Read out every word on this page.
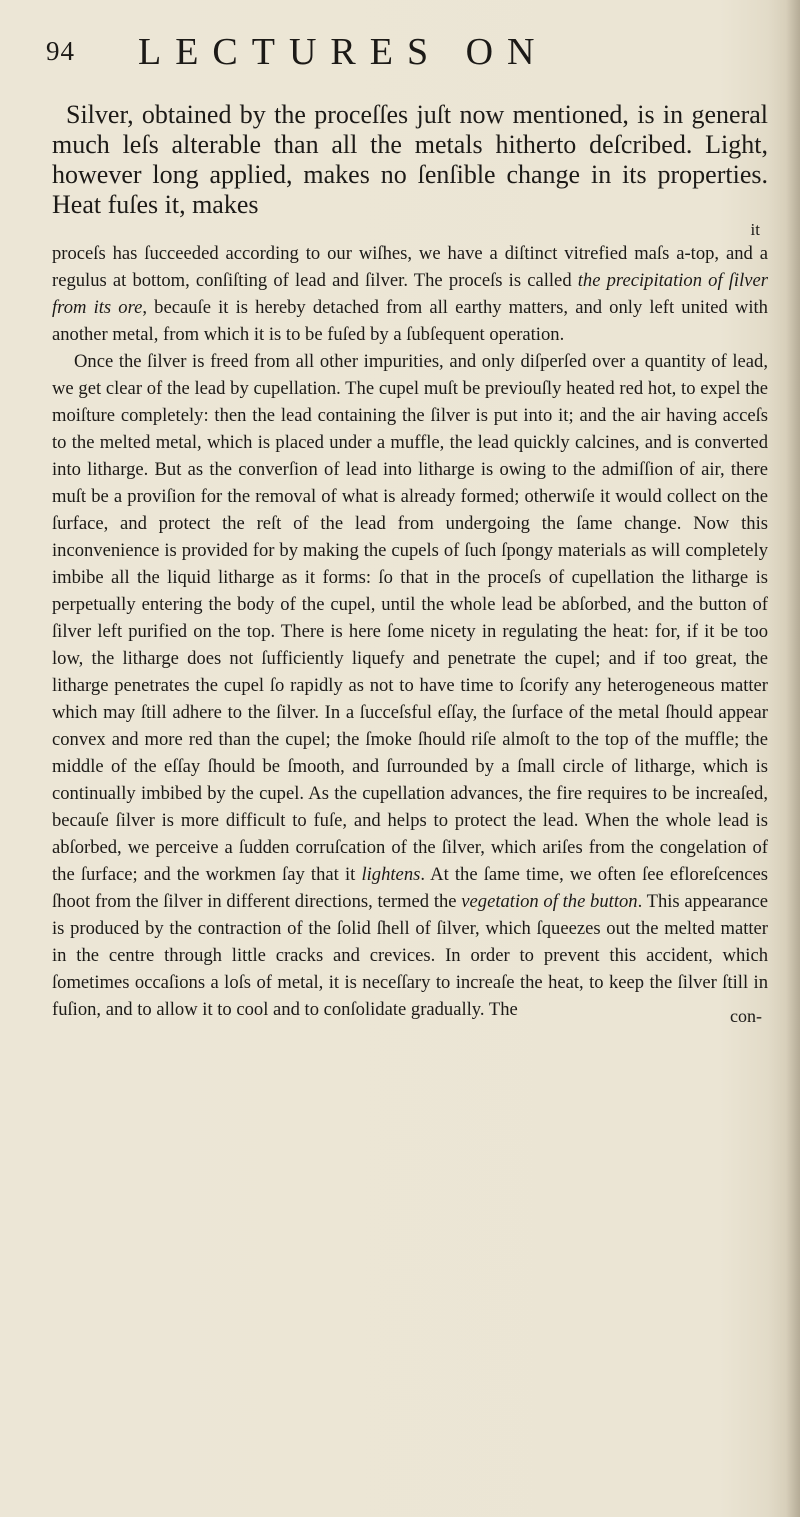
94 LECTURES ON

Silver, obtained by the proceſſes juſt now mentioned, is in general much leſs alterable than all the metals hitherto deſcribed. Light, however long applied, makes no ſenſible change in its properties. Heat fuſes it, makes

it

proceſs has ſucceeded according to our wiſhes, we have a diſtinct vitrefied maſs a-top, and a regulus at bottom, conſiſting of lead and ſilver. The proceſs is called the precipitation of ſilver from its ore, becauſe it is hereby detached from all earthy matters, and only left united with another metal, from which it is to be fuſed by a ſubſequent operation.

Once the ſilver is freed from all other impurities, and only diſperſed over a quantity of lead, we get clear of the lead by cupellation. The cupel muſt be previouſly heated red hot, to expel the moiſture completely: then the lead containing the ſilver is put into it; and the air having acceſs to the melted metal, which is placed under a muffle, the lead quickly calcines, and is converted into litharge. But as the converſion of lead into litharge is owing to the admiſſion of air, there muſt be a proviſion for the removal of what is already formed; otherwiſe it would collect on the ſurface, and protect the reſt of the lead from undergoing the ſame change. Now this inconvenience is provided for by making the cupels of ſuch ſpongy materials as will completely imbibe all the liquid litharge as it forms: ſo that in the proceſs of cupellation the litharge is perpetually entering the body of the cupel, until the whole lead be abſorbed, and the button of ſilver left purified on the top. There is here ſome nicety in regulating the heat: for, if it be too low, the litharge does not ſufficiently liquefy and penetrate the cupel; and if too great, the litharge penetrates the cupel ſo rapidly as not to have time to ſcorify any heterogeneous matter which may ſtill adhere to the ſilver. In a ſucceſsful eſſay, the ſurface of the metal ſhould appear convex and more red than the cupel; the ſmoke ſhould riſe almoſt to the top of the muffle; the middle of the eſſay ſhould be ſmooth, and ſurrounded by a ſmall circle of litharge, which is continually imbibed by the cupel. As the cupellation advances, the fire requires to be increaſed, becauſe ſilver is more difficult to fuſe, and helps to protect the lead. When the whole lead is abſorbed, we perceive a ſudden corruſcation of the ſilver, which ariſes from the congelation of the ſurface; and the workmen ſay that it lightens. At the ſame time, we often ſee efloreſcences ſhoot from the ſilver in different directions, termed the vegetation of the button. This appearance is produced by the contraction of the ſolid ſhell of ſilver, which ſqueezes out the melted matter in the centre through little cracks and crevices. In order to prevent this accident, which ſometimes occaſions a loſs of metal, it is neceſſary to increaſe the heat, to keep the ſilver ſtill in fuſion, and to allow it to cool and to conſolidate gradually. The	con-
